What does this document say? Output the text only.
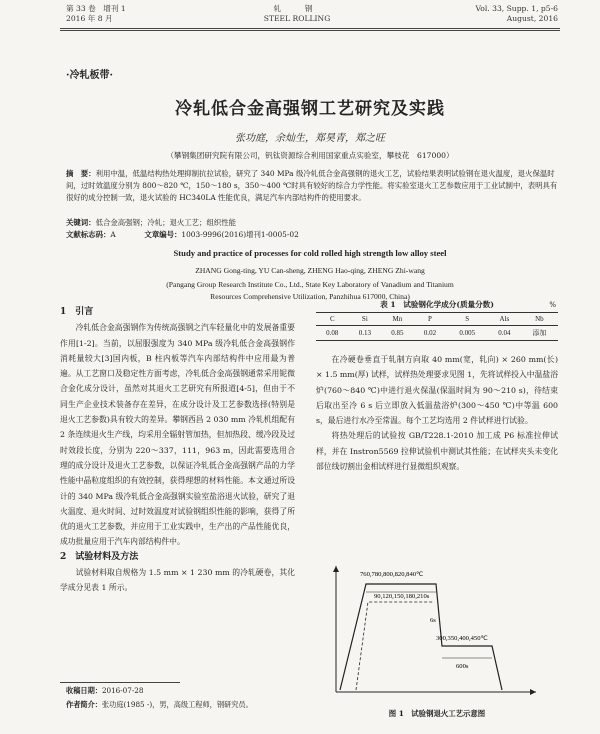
第 33 卷　增刊 1
2016 年 8 月
轧　钢
STEEL ROLLING
Vol. 33, Supp. 1, p5-6
August, 2016
·冷轧板带·
冷轧低合金高强钢工艺研究及实践
张功庭，余灿生，郑昊青，郑之旺
（攀钢集团研究院有限公司，钒钛资源综合利用国家重点实验室，攀枝花　617000）
摘　要：利用中温，低温结构热处理抑制抗拉试验，研究了 340 MPa 级冷轧低合金高强钢的退火工艺，试验结果表明试验钢在退火温度，退火保温时间，过时效温度分别为 800～820 ℃，150～180 s，350～400 ℃时具有较好的综合力学性能。将实验室退火工艺参数应用于工业试制中，表明具有很好的成分控制一致，退火试验的 HC340LA 性能优良，满足汽车内部结构件的使用要求。
关键词：低合金高强钢；冷轧；退火工艺；组织性能
文献标志码：A	文章编号：1003-9996(2016)增刊1-0005-02
Study and practice of processes for cold rolled high strength low alloy steel
ZHANG Gong-ting, YU Can-sheng, ZHENG Hao-qing, ZHENG Zhi-wang
(Pangang Group Research Institute Co., Ltd., State Key Laboratory of Vanadium and Titanium
Resources Comprehensive Utilization, Panzhihua 617000, China)

1　引言

冷轧低合金高强钢作为传统高强钢之汽车轻量化中的发展备重要作用[1-2]。当前，以屈服强度为 340 MPa 级冷轧低合金高强钢作消耗量较大[3]国内板，B 柱内板等汽车内部结构件中应用最为普遍。从工艺窗口及稳定性方面考虑，冷轧低合金高强钢通常采用铌微合金化成分设计，虽然对其退火工艺研究有所报道[4-5]，但由于不同生产企业技术装备存在差异，在成分设计及工艺参数选择(特别是退火工艺参数)具有较大的差异。攀钢西昌 2 030 mm 冷轧机组配有 2 条连续退火生产线，均采用全辐射管加热，但加热段、缓冷段及过时效段长度，分别为 220～337，111，963 m，因此需要选用合理的成分设计及退火工艺参数，以保证冷轧低合金高强钢产品的力学性能中晶粒度组织的有效控制，获得理想的材料性能。本文通过所设计的 340 MPa 级冷轧低合金高强钢实验室盐浴退火试验，研究了退火温度、退火时间、过时效温度对试验钢组织性能的影响，获得了所优的退火工艺参数，并应用于工业实践中，生产出的产品性能优良，成功批量应用于汽车内部结构件中。

2　试验材料及方法

试验材料取自规格为 1.5 mm × 1 230 mm 的冷轧硬卷，其化学成分见表 1 所示。

表 1　试验钢化学成分(质量分数)
C	Si	Mn	P	S	Als	Nb
0.08	0.13	0.85	0.02	0.005	0.04	添加
%

在冷硬卷垂直于轧制方向取 40 mm(宽，轧向) × 260 mm(长) × 1.5 mm(厚) 试样，试样热处理要求见图 1，先将试样投入中温盐浴炉(760～840 ℃)中进行退火保温(保温时间为 90～210 s)，待结束后取出至冷 6 s 后立即放入低温盐浴炉(300～450 ℃)中等温 600 s，最后进行水冷至常温。每个工艺均选用 2 件试样进行试验。

将热处理后的试验按 GB/T228.1-2010 加工成 P6 标准拉伸试样，并在 Instron5569 拉伸试验机中测试其性能；在试样夹头未变化部位线切割出金相试样进行显微组织观察。

760,780,800,820,840℃
90,120,150,180,210s
300,350,400,450℃
600s
6s
图 1　试验钢退火工艺示意图
收稿日期：2016-07-28
作者简介：张功庭(1985 -)，男，高级工程师，钢研究员。
